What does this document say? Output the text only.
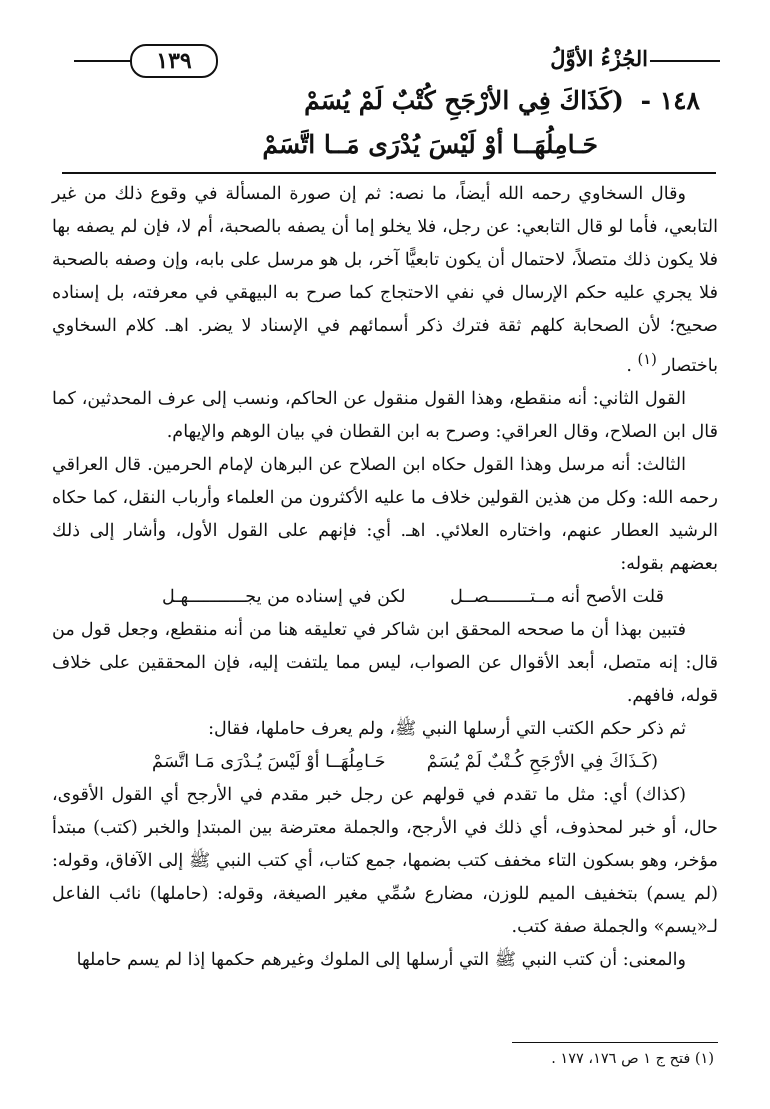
الجُزْءُ الأوَّلُ
١٣٩
١٤٨ - (كَذَاكَ فِي الأرْجَحِ كُتْبٌ لَمْ يُسَمْ
حَـامِلُهَــا أوْ لَيْسَ يُدْرَى مَــا اتَّسَمْ

وقال السخاوي رحمه الله أيضاً، ما نصه: ثم إن صورة المسألة في وقوع ذلك من غير التابعي، فأما لو قال التابعي: عن رجل، فلا يخلو إما أن يصفه بالصحبة، أم لا، فإن لم يصفه بها فلا يكون ذلك متصلاً، لاحتمال أن يكون تابعيًّا آخر، بل هو مرسل على بابه، وإن وصفه بالصحبة فلا يجري عليه حكم الإرسال في نفي الاحتجاج كما صرح به البيهقي في معرفته، بل إسناده صحيح؛ لأن الصحابة كلهم ثقة فترك ذكر أسمائهم في الإسناد لا يضر. اهـ. كلام السخاوي باختصار $^{(١)}$ .

القول الثاني: أنه منقطع، وهذا القول منقول عن الحاكم، ونسب إلى عرف المحدثين، كما قال ابن الصلاح، وقال العراقي: وصرح به ابن القطان في بيان الوهم والإيهام.

الثالث: أنه مرسل وهذا القول حكاه ابن الصلاح عن البرهان لإمام الحرمين. قال العراقي رحمه الله: وكل من هذين القولين خلاف ما عليه الأكثرون من العلماء وأرباب النقل، كما حكاه الرشيد العطار عنهم، واختاره العلائي. اهـ. أي: فإنهم على القول الأول، وأشار إلى ذلك بعضهم بقوله:

قلت الأصح أنه مــتــــــــصــل
لكن في إسناده من يجـــــــــــهـل

فتبين بهذا أن ما صححه المحقق ابن شاكر في تعليقه هنا من أنه منقطع، وجعل قول من قال: إنه متصل، أبعد الأقوال عن الصواب، ليس مما يلتفت إليه، فإن المحققين على خلاف قوله، فافهم.

ثم ذكر حكم الكتب التي أرسلها النبي ﷺ، ولم يعرف حاملها، فقال:

(كَـذَاكَ فِي الأرْجَحِ كُـتْبٌ لَمْ يُسَمْ
حَـامِلُهَــا أوْ لَيْسَ يُـدْرَى مَـا اتَّسَمْ

(كذاك) أي: مثل ما تقدم في قولهم عن رجل خبر مقدم في الأرجح أي القول الأقوى، حال، أو خبر لمحذوف، أي ذلك في الأرجح، والجملة معترضة بين المبتدإ والخبر (كتب) مبتدأ مؤخر، وهو بسكون التاء مخفف كتب بضمها، جمع كتاب، أي كتب النبي ﷺ إلى الآفاق، وقوله: (لم يسم) بتخفيف الميم للوزن، مضارع سُمِّي مغير الصيغة، وقوله: (حاملها) نائب الفاعل لـ«يسم» والجملة صفة كتب.

والمعنى: أن كتب النبي ﷺ التي أرسلها إلى الملوك وغيرهم حكمها إذا لم يسم حاملها

(١) فتح ج ١ ص ١٧٦، ١٧٧ .
